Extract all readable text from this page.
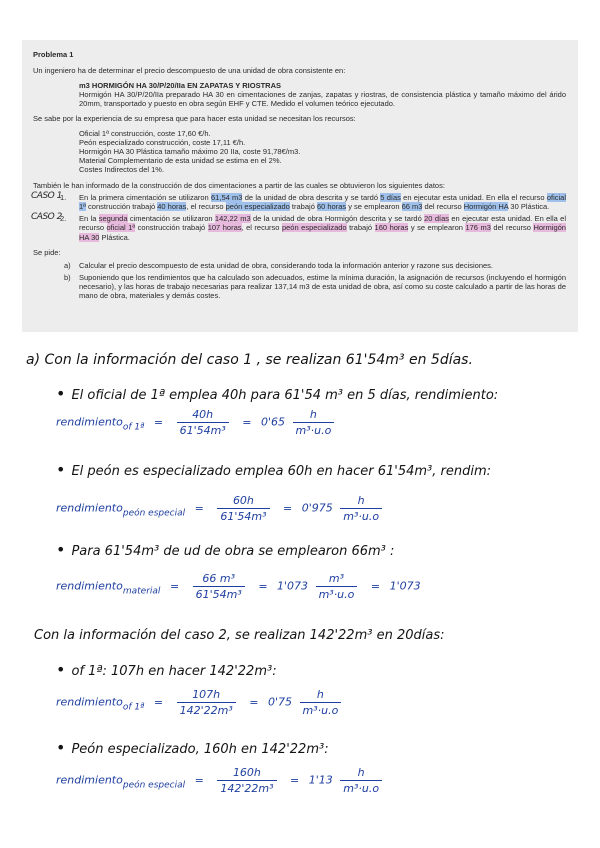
Problema 1

Un ingeniero ha de determinar el precio descompuesto de una unidad de obra consistente en:

m3 HORMIGÓN HA 30/P/20/IIa EN ZAPATAS Y RIOSTRAS

Hormigón HA 30/P/20/IIa preparado HA 30 en cimentaciones de zanjas, zapatas y riostras, de consistencia plástica y tamaño máximo del árido 20mm, transportado y puesto en obra según EHF y CTE. Medido el volumen teórico ejecutado.

Se sabe por la experiencia de su empresa que para hacer esta unidad se necesitan los recursos:

Oficial 1ª construcción, coste 17,60 €/h.

Peón especializado construcción, coste 17,11 €/h.

Hormigón HA 30 Plástica tamaño máximo 20 IIa, coste 91,78€/m3.

Material Complementario de esta unidad se estima en el 2%.

Costes Indirectos del 1%.

También le han informado de la construcción de dos cimentaciones a partir de las cuales se obtuvieron los siguientes datos:

CASO 1
1. En la primera cimentación se utilizaron 61,54 m3 de la unidad de obra descrita y se tardó 5 días en ejecutar esta unidad. En ella el recurso oficial 1ª construcción trabajó 40 horas, el recurso peón especializado trabajó 60 horas y se emplearon 66 m3 del recurso Hormigón HA 30 Plástica.
CASO 2
2. En la segunda cimentación se utilizaron 142,22 m3 de la unidad de obra Hormigón descrita y se tardó 20 días en ejecutar esta unidad. En ella el recurso oficial 1ª construcción trabajó 107 horas, el recurso peón especializado trabajó 160 horas y se emplearon 176 m3 del recurso Hormigón HA 30 Plástica.

Se pide:

a) Calcular el precio descompuesto de esta unidad de obra, considerando toda la información anterior y razone sus decisiones.
b) Suponiendo que los rendimientos que ha calculado son adecuados, estime la mínima duración, la asignación de recursos (incluyendo el hormigón necesario), y las horas de trabajo necesarias para realizar 137,14 m3 de esta unidad de obra, así como su coste calculado a partir de las horas de mano de obra, materiales y demás costes.
a) Con la información del caso 1 , se realizan 61'54m³ en 5días.
• El oficial de 1ª emplea 40h para 61'54 m³ en 5 días, rendimiento:
rendimiento$_{of 1ª}$ = $\frac{40h}{\text{61'54m³}} = 0'65 \frac{h}{\text{m³·u.o}}$
• El peón es especializado emplea 60h en hacer 61'54m³, rendim:
rendimiento$_{peón especial}$ = $\frac{60h}{\text{61'54m³}} = 0'975 \frac{h}{\text{m³·u.o}}$
• Para 61'54m³ de ud de obra se emplearon 66m³ :
rendimiento$_{material}$ = $\frac{\text{66 m³}}{\text{61'54m³}} = 1'073 \frac{\text{m³}}{\text{m³·u.o}} = 1'073$
Con la información del caso 2, se realizan 142'22m³ en 20días:
• of 1ª: 107h en hacer 142'22m³:
rendimiento$_{of 1ª}$ = $\frac{107h}{\text{142'22m³}} = 0'75 \frac{h}{\text{m³·u.o}}$
• Peón especializado, 160h en 142'22m³:
rendimiento$_{peón especial}$ = $\frac{160h}{\text{142'22m³}} = 1'13 \frac{h}{\text{m³·u.o}}$
